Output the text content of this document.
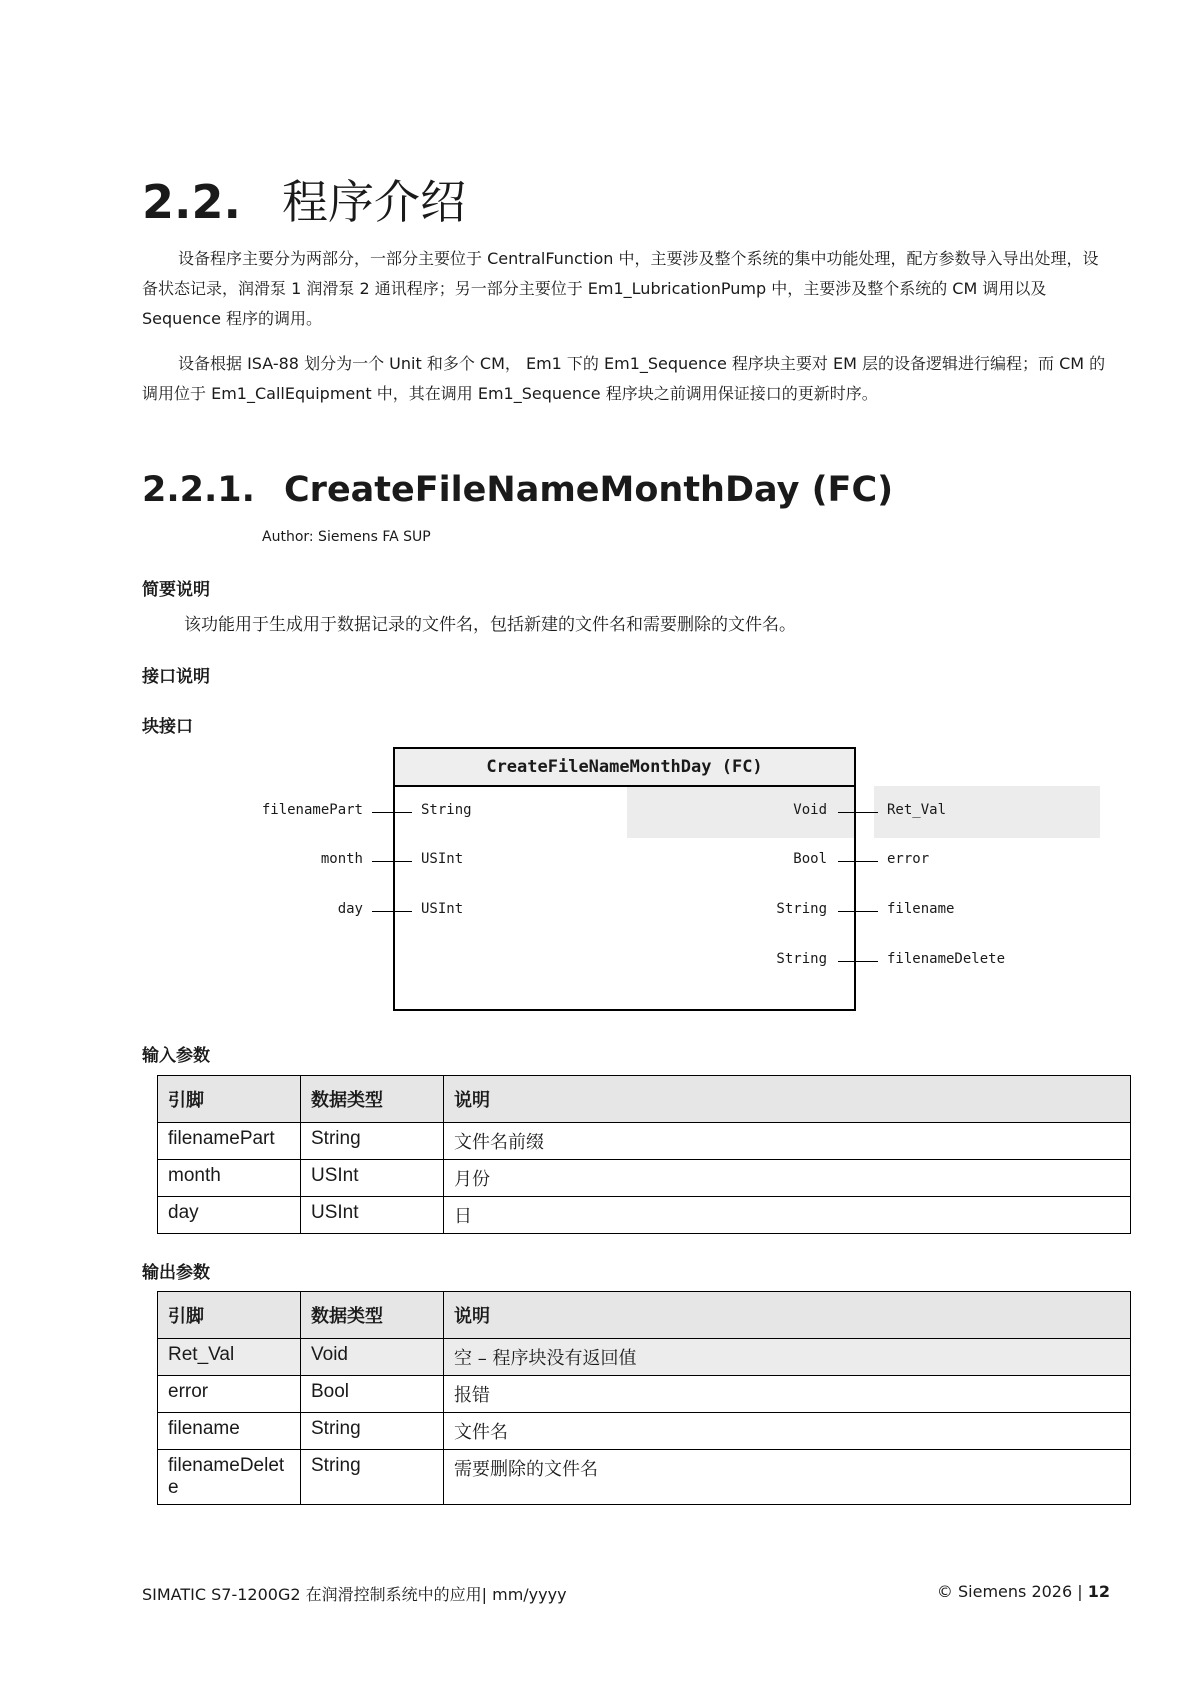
2.2. 程序介绍

设备程序主要分为两部分，一部分主要位于 CentralFunction 中，主要涉及整个系统的集中功能处理，配方参数导入导出处理，设备状态记录，润滑泵 1 润滑泵 2 通讯程序；另一部分主要位于 Em1_LubricationPump 中，主要涉及整个系统的 CM 调用以及 Sequence 程序的调用。

设备根据 ISA-88 划分为一个 Unit 和多个 CM， Em1 下的 Em1_Sequence 程序块主要对 EM 层的设备逻辑进行编程；而 CM 的调用位于 Em1_CallEquipment 中，其在调用 Em1_Sequence 程序块之前调用保证接口的更新时序。

2.2.1. CreateFileNameMonthDay (FC)
Author: Siemens FA SUP
简要说明
该功能用于生成用于数据记录的文件名，包括新建的文件名和需要删除的文件名。
接口说明
块接口
CreateFileNameMonthDay (FC)
filenamePart	String
month	USInt
day	USInt
Void	Ret_Val
Bool	error
String	filename
String	filenameDelete
输入参数
引脚	数据类型	说明
filenamePart	String	文件名前缀
month	USInt	月份
day	USInt	日
输出参数
引脚	数据类型	说明
Ret_Val	Void	空 – 程序块没有返回值
error	Bool	报错
filename	String	文件名
filenameDelete	String	需要删除的文件名
SIMATIC S7-1200G2 在润滑控制系统中的应用| mm/yyyy	© Siemens 2026 | 12
